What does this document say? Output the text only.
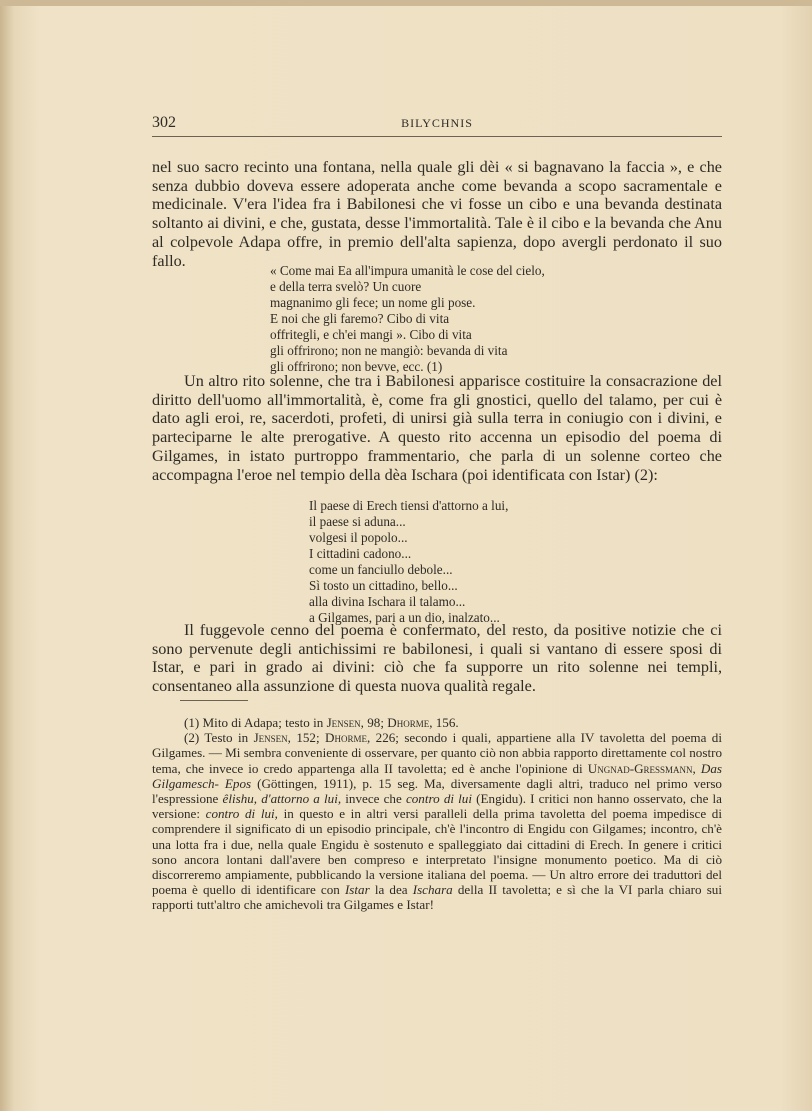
302	BILYCHNIS
nel suo sacro recinto una fontana, nella quale gli dèi « si bagnavano la faccia », e che senza dubbio doveva essere adoperata anche come bevanda a scopo sacramentale e medicinale. V'era l'idea fra i Babilonesi che vi fosse un cibo e una bevanda destinata soltanto ai divini, e che, gustata, desse l'immortalità. Tale è il cibo e la bevanda che Anu al colpevole Adapa offre, in premio dell'alta sapienza, dopo avergli perdonato il suo fallo.
« Come mai Ea all'impura umanità le cose del cielo,
e della terra svelò? Un cuore
magnanimo gli fece; un nome gli pose.
E noi che gli faremo? Cibo di vita
offritegli, e ch'ei mangi ». Cibo di vita
gli offrirono; non ne mangiò: bevanda di vita
gli offrirono; non bevve, ecc. (1)
Un altro rito solenne, che tra i Babilonesi apparisce costituire la consacrazione del diritto dell'uomo all'immortalità, è, come fra gli gnostici, quello del talamo, per cui è dato agli eroi, re, sacerdoti, profeti, di unirsi già sulla terra in coniugio con i divini, e parteciparne le alte prerogative. A questo rito accenna un episodio del poema di Gilgames, in istato purtroppo frammentario, che parla di un solenne corteo che accompagna l'eroe nel tempio della dèa Ischara (poi identificata con Istar) (2):
Il paese di Erech tiensi d'attorno a lui,
il paese si aduna...
volgesi il popolo...
I cittadini cadono...
come un fanciullo debole...
Sì tosto un cittadino, bello...
alla divina Ischara il talamo...
a Gilgames, pari a un dio, inalzato...
Il fuggevole cenno del poema è confermato, del resto, da positive notizie che ci sono pervenute degli antichissimi re babilonesi, i quali si vantano di essere sposi di Istar, e pari in grado ai divini: ciò che fa supporre un rito solenne nei templi, consentaneo alla assunzione di questa nuova qualità regale.
(1) Mito di Adapa; testo in Jensen, 98; Dhorme, 156.
(2) Testo in Jensen, 152; Dhorme, 226; secondo i quali, appartiene alla IV tavoletta del poema di Gilgames. — Mi sembra conveniente di osservare, per quanto ciò non abbia rapporto direttamente col nostro tema, che invece io credo appartenga alla II tavoletta; ed è anche l'opinione di Ungnad-Gressmann, Das Gilgamesch- Epos (Göttingen, 1911), p. 15 seg. Ma, diversamente dagli altri, traduco nel primo verso l'espressione êlishu, d'attorno a lui, invece che contro di lui (Engidu). I critici non hanno osservato, che la versione: contro di lui, in questo e in altri versi paralleli della prima tavoletta del poema impedisce di comprendere il significato di un episodio principale, ch'è l'incontro di Engidu con Gilgames; incontro, ch'è una lotta fra i due, nella quale Engidu è sostenuto e spalleggiato dai cittadini di Erech. In genere i critici sono ancora lontani dall'avere ben compreso e interpretato l'insigne monumento poetico. Ma di ciò discorreremo ampiamente, pubblicando la versione italiana del poema. — Un altro errore dei traduttori del poema è quello di identificare con Istar la dea Ischara della II tavoletta; e sì che la VI parla chiaro sui rapporti tutt'altro che amichevoli tra Gilgames e Istar!
